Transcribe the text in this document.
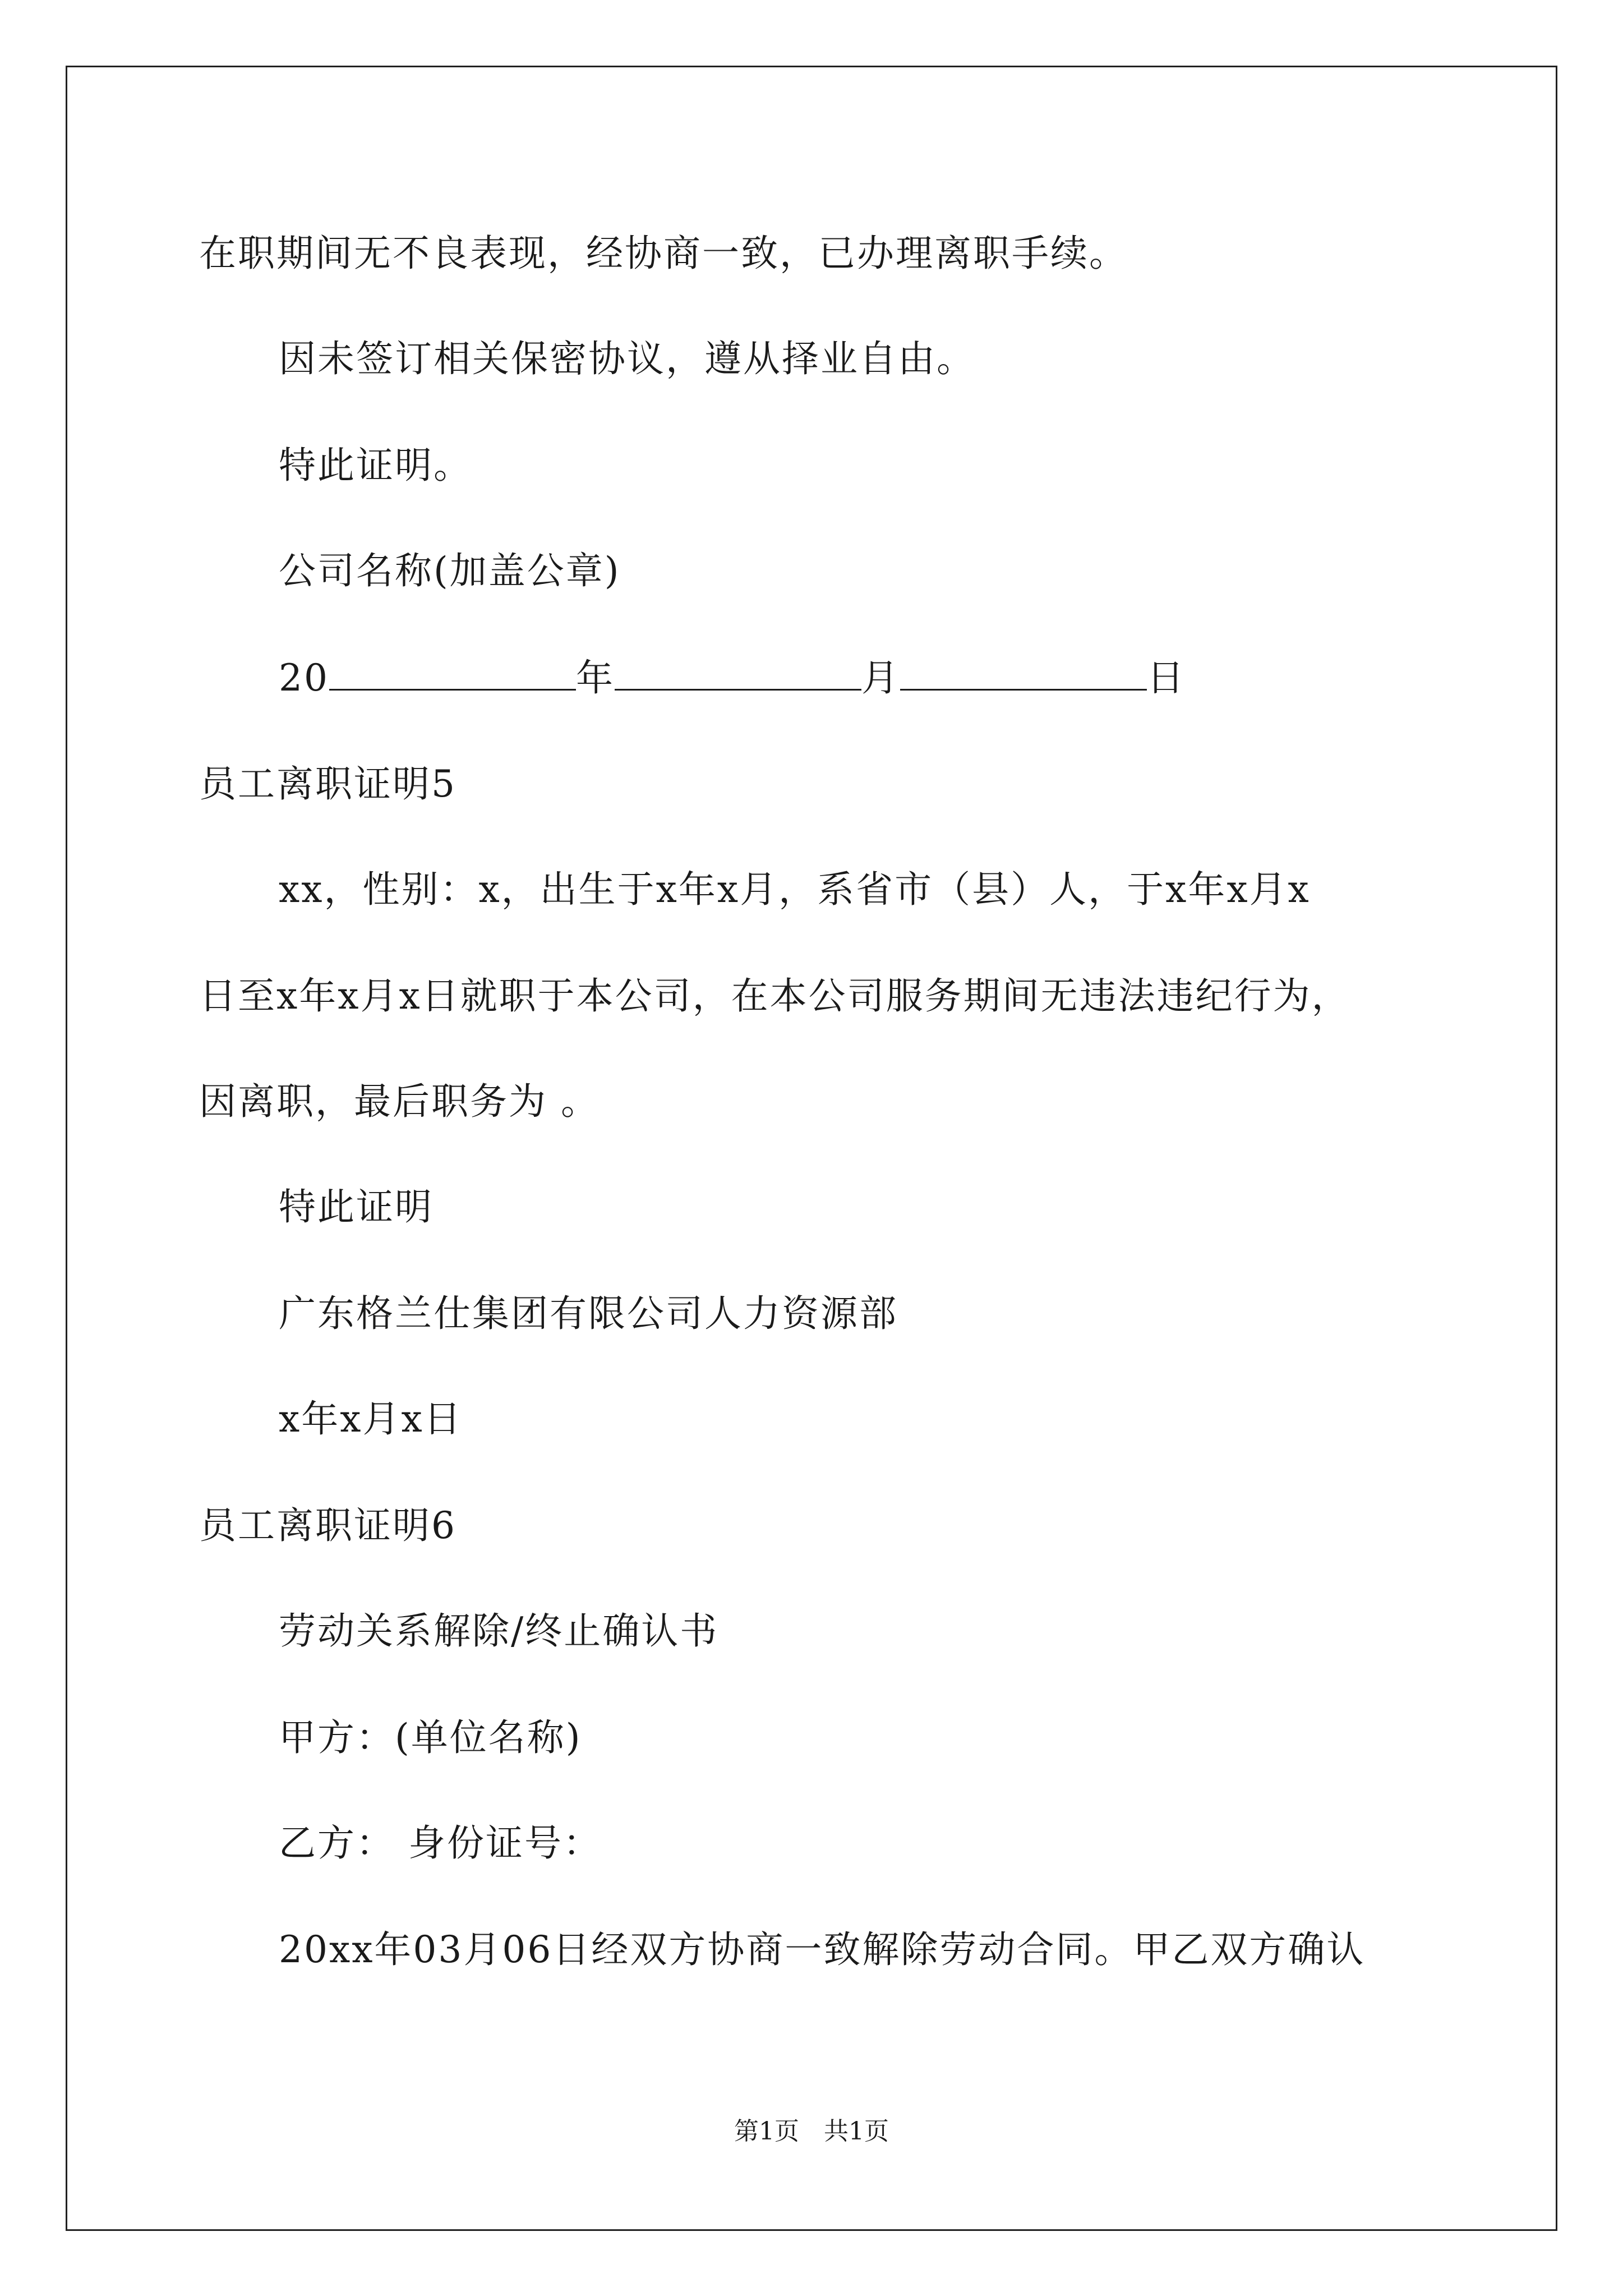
在职期间无不良表现，经协商一致，已办理离职手续。
因未签订相关保密协议，遵从择业自由。
特此证明。
公司名称(加盖公章)
20	年	月	日
员工离职证明5
xx，性别：x，出生于x年x月，系省市（县）人，于x年x月x
日至x年x月x日就职于本公司，在本公司服务期间无违法违纪行为，
因离职，最后职务为 。
特此证明
广东格兰仕集团有限公司人力资源部
x年x月x日
员工离职证明6
劳动关系解除/终止确认书
甲方：(单位名称)
乙方： 身份证号：
20xx年03月06日经双方协商一致解除劳动合同。甲乙双方确认
第1页　共1页
